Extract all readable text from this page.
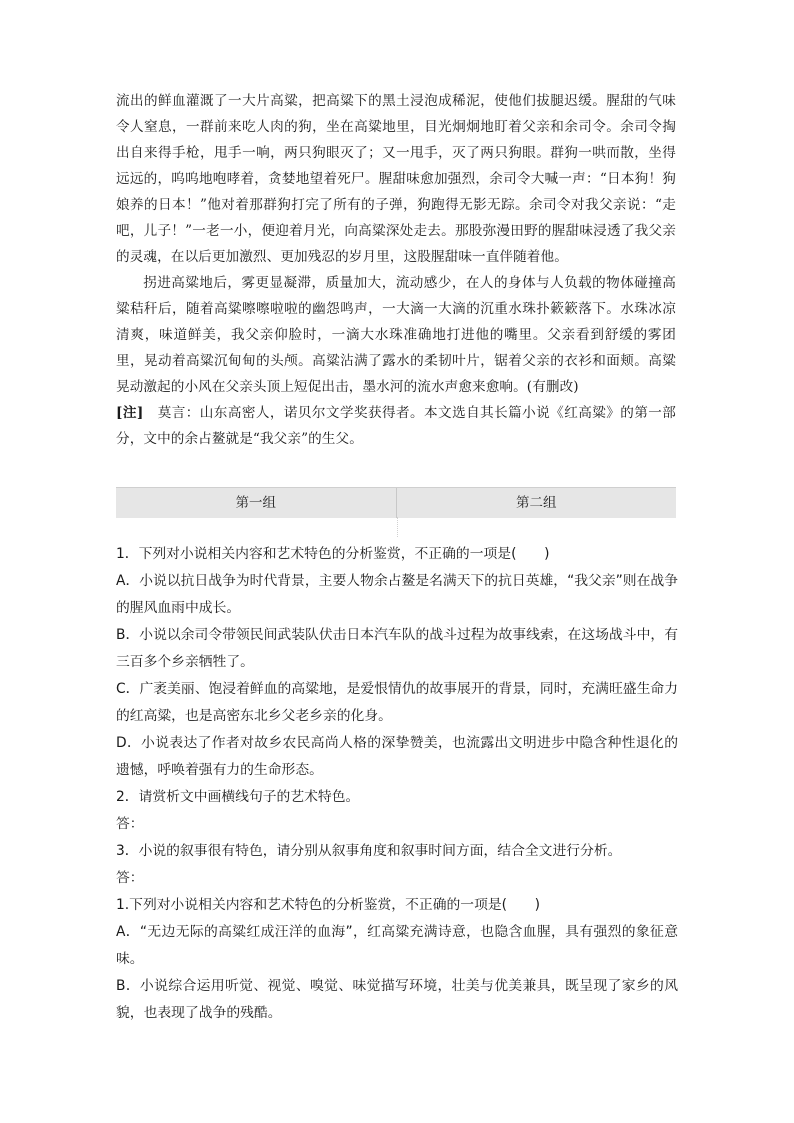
流出的鲜血灌溉了一大片高粱，把高粱下的黑土浸泡成稀泥，使他们拔腿迟缓。腥甜的气味令人窒息，一群前来吃人肉的狗，坐在高粱地里，目光炯炯地盯着父亲和余司令。余司令掏出自来得手枪，甩手一响，两只狗眼灭了；又一甩手，灭了两只狗眼。群狗一哄而散，坐得远远的，呜呜地咆哮着，贪婪地望着死尸。腥甜味愈加强烈，余司令大喊一声：“日本狗！狗娘养的日本！”他对着那群狗打完了所有的子弹，狗跑得无影无踪。余司令对我父亲说：“走吧，儿子！”一老一小，便迎着月光，向高粱深处走去。那股弥漫田野的腥甜味浸透了我父亲的灵魂，在以后更加激烈、更加残忍的岁月里，这股腥甜味一直伴随着他。

拐进高粱地后，雾更显凝滞，质量加大，流动感少，在人的身体与人负载的物体碰撞高粱秸秆后，随着高粱嚓嚓啦啦的幽怨鸣声，一大滴一大滴的沉重水珠扑簌簌落下。水珠冰凉清爽，味道鲜美，我父亲仰脸时，一滴大水珠准确地打进他的嘴里。父亲看到舒缓的雾团里，晃动着高粱沉甸甸的头颅。高粱沾满了露水的柔韧叶片，锯着父亲的衣衫和面颊。高粱晃动激起的小风在父亲头顶上短促出击，墨水河的流水声愈来愈响。(有删改)

[注]　 莫言：山东高密人，诺贝尔文学奖获得者。本文选自其长篇小说《红高粱》的第一部分，文中的余占鳌就是“我父亲”的生父。

第一组	第二组

1．下列对小说相关内容和艺术特色的分析鉴赏，不正确的一项是(　　)

A．小说以抗日战争为时代背景，主要人物余占鳌是名满天下的抗日英雄，“我父亲”则在战争的腥风血雨中成长。

B．小说以余司令带领民间武装队伏击日本汽车队的战斗过程为故事线索，在这场战斗中，有三百多个乡亲牺牲了。

C．广袤美丽、饱浸着鲜血的高粱地，是爱恨情仇的故事展开的背景，同时，充满旺盛生命力的红高粱，也是高密东北乡父老乡亲的化身。

D．小说表达了作者对故乡农民高尚人格的深挚赞美，也流露出文明进步中隐含种性退化的遗憾，呼唤着强有力的生命形态。

2．请赏析文中画横线句子的艺术特色。

答：

3．小说的叙事很有特色，请分别从叙事角度和叙事时间方面，结合全文进行分析。

答：

1.下列对小说相关内容和艺术特色的分析鉴赏，不正确的一项是(　　)

A．“无边无际的高粱红成汪洋的血海”，红高粱充满诗意，也隐含血腥，具有强烈的象征意味。

B．小说综合运用听觉、视觉、嗅觉、味觉描写环境，壮美与优美兼具，既呈现了家乡的风貌，也表现了战争的残酷。
